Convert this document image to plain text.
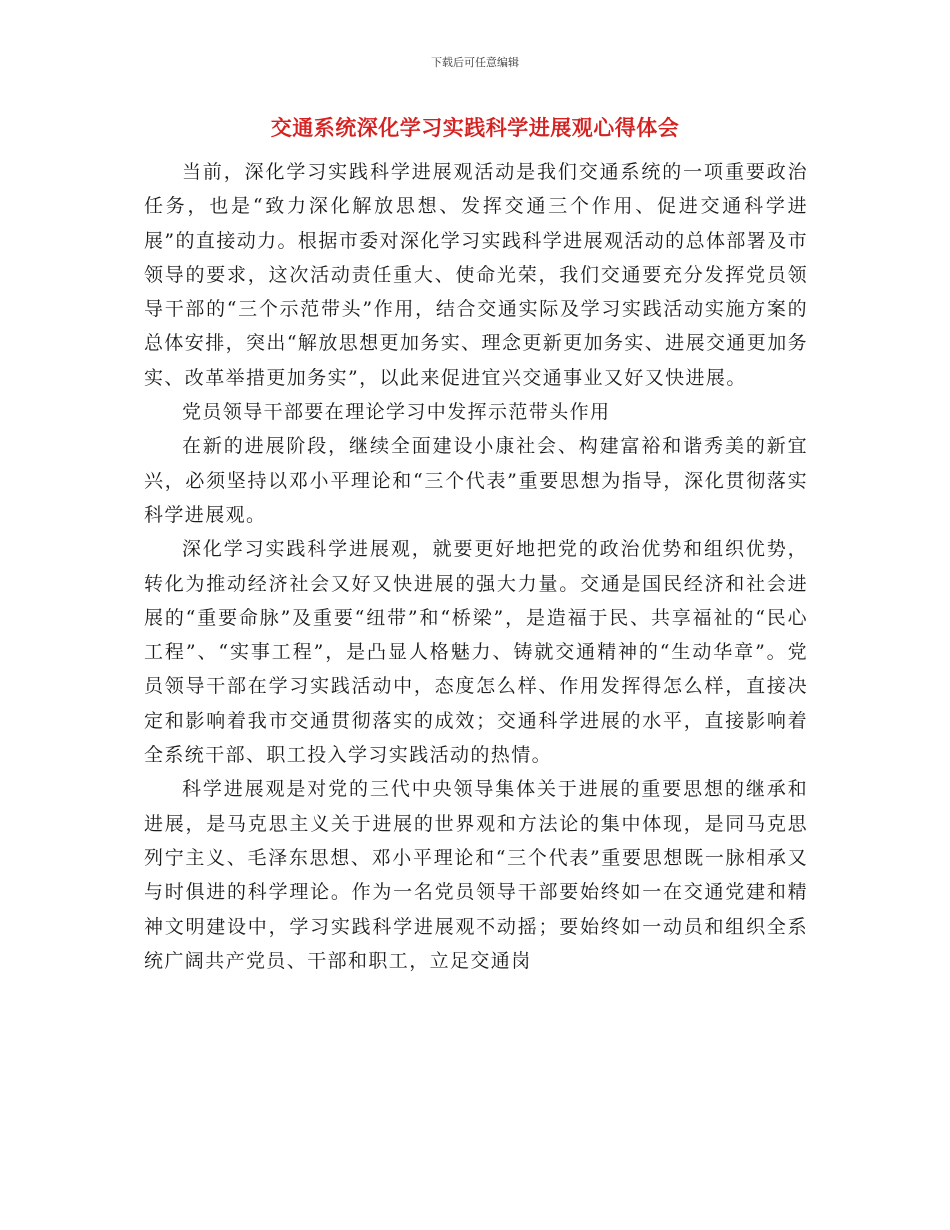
下载后可任意编辑
交通系统深化学习实践科学进展观心得体会

当前，深化学习实践科学进展观活动是我们交通系统的一项重要政治任务，也是“致力深化解放思想、发挥交通三个作用、促进交通科学进展”的直接动力。根据市委对深化学习实践科学进展观活动的总体部署及市领导的要求，这次活动责任重大、使命光荣，我们交通要充分发挥党员领导干部的“三个示范带头”作用，结合交通实际及学习实践活动实施方案的总体安排，突出“解放思想更加务实、理念更新更加务实、进展交通更加务实、改革举措更加务实”，以此来促进宜兴交通事业又好又快进展。

党员领导干部要在理论学习中发挥示范带头作用

在新的进展阶段，继续全面建设小康社会、构建富裕和谐秀美的新宜兴，必须坚持以邓小平理论和“三个代表”重要思想为指导，深化贯彻落实科学进展观。

深化学习实践科学进展观，就要更好地把党的政治优势和组织优势，转化为推动经济社会又好又快进展的强大力量。交通是国民经济和社会进展的“重要命脉”及重要“纽带”和“桥梁”，是造福于民、共享福祉的“民心工程”、“实事工程”，是凸显人格魅力、铸就交通精神的“生动华章”。党员领导干部在学习实践活动中，态度怎么样、作用发挥得怎么样，直接决定和影响着我市交通贯彻落实的成效；交通科学进展的水平，直接影响着全系统干部、职工投入学习实践活动的热情。

科学进展观是对党的三代中央领导集体关于进展的重要思想的继承和进展，是马克思主义关于进展的世界观和方法论的集中体现，是同马克思列宁主义、毛泽东思想、邓小平理论和“三个代表”重要思想既一脉相承又与时俱进的科学理论。作为一名党员领导干部要始终如一在交通党建和精神文明建设中，学习实践科学进展观不动摇；要始终如一动员和组织全系统广阔共产党员、干部和职工，立足交通岗
